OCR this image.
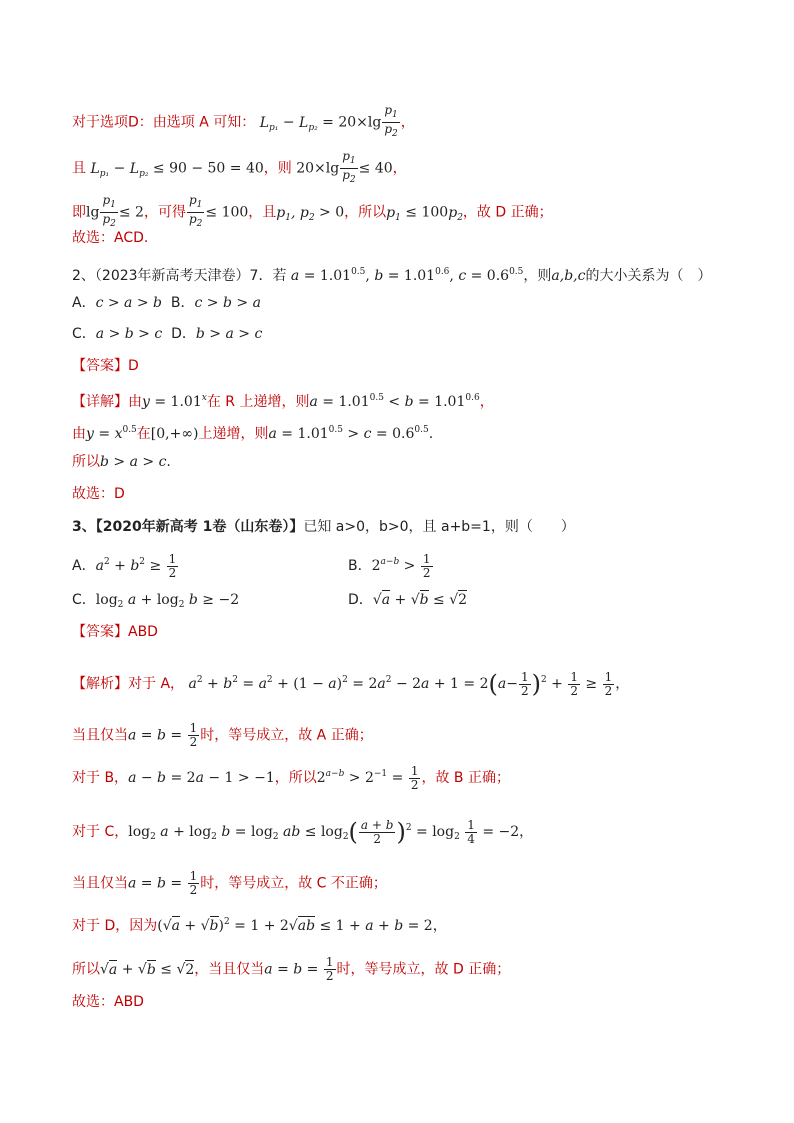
对于选项D：由选项 A 可知： $L_{p_1} - L_{p_2} = 20\times\lg \frac{p_1}{p_2}$ ，
且 $L_{p_1} - L_{p_2} \le 90 - 50 = 40$，则 $20\times\lg \frac{p_1}{p_2} \le 40$，
即$\lg \frac{p_1}{p_2} \le 2$，可得 $\frac{p_1}{p_2} \le 100$，且$p_1$, $p_2 > 0$，所以$p_1 \le 100p_2$，故 D 正确；
故选：ACD.
2、（2023年新高考天津卷）7．若 $a = 1.01^{0.5}$, $b = 1.01^{0.6}$, $c = 0.6^{0.5}$，则a,b,c的大小关系为（　）
A．c > a > b B．c > b > a
C．a > b > c D．b > a > c
【答案】D
【详解】由$y = 1.01^x$在 R 上递增，则$a = 1.01^{0.5} < b = 1.01^{0.6}$，
由$y = x^{0.5}$在[0,+∞)上递增，则$a = 1.01^{0.5} > c = 0.6^{0.5}$.
所以b > a > c.
故选：D
3、【2020年新高考 1卷（山东卷）】已知 a>0，b>0，且 a+b=1，则（　　）
A．$a^2 + b^2 \ge \frac{1}{2}$	B．$2^{a-b} > \frac{1}{2}$
C．$\log_2 a + \log_2 b \ge -2$	D．√a + √b ≤ √2
【答案】ABD
【解析】对于 A， $a^2 + b^2 = a^2 + (1 - a)^2 = 2a^2 - 2a + 1 = 2(a- \frac{1}{2} )^2 + \frac{1}{2} \ge \frac{1}{2}$ ，
当且仅当$a = b = \frac{1}{2}$ 时，等号成立，故 A 正确；
对于 B，a − b = 2a − 1 > −1，所以$2^{a-b} > 2^{-1} = \frac{1}{2}$ ，故 B 正确；
对于 C，$\log_2 a + \log_2 b = \log_2$ ab ≤ $\log_2( \frac{a + b}{2} )^2 = \log_2 \frac{1}{4} = -2$，
当且仅当$a = b = \frac{1}{2}$ 时，等号成立，故 C 不正确；
对于 D，因为$(√a + √b)^2 = 1 + 2√ab \le 1 + a + b = 2$，
所以√a + √b ≤ √2，当且仅当$a = b = \frac{1}{2}$ 时，等号成立，故 D 正确；
故选：ABD
